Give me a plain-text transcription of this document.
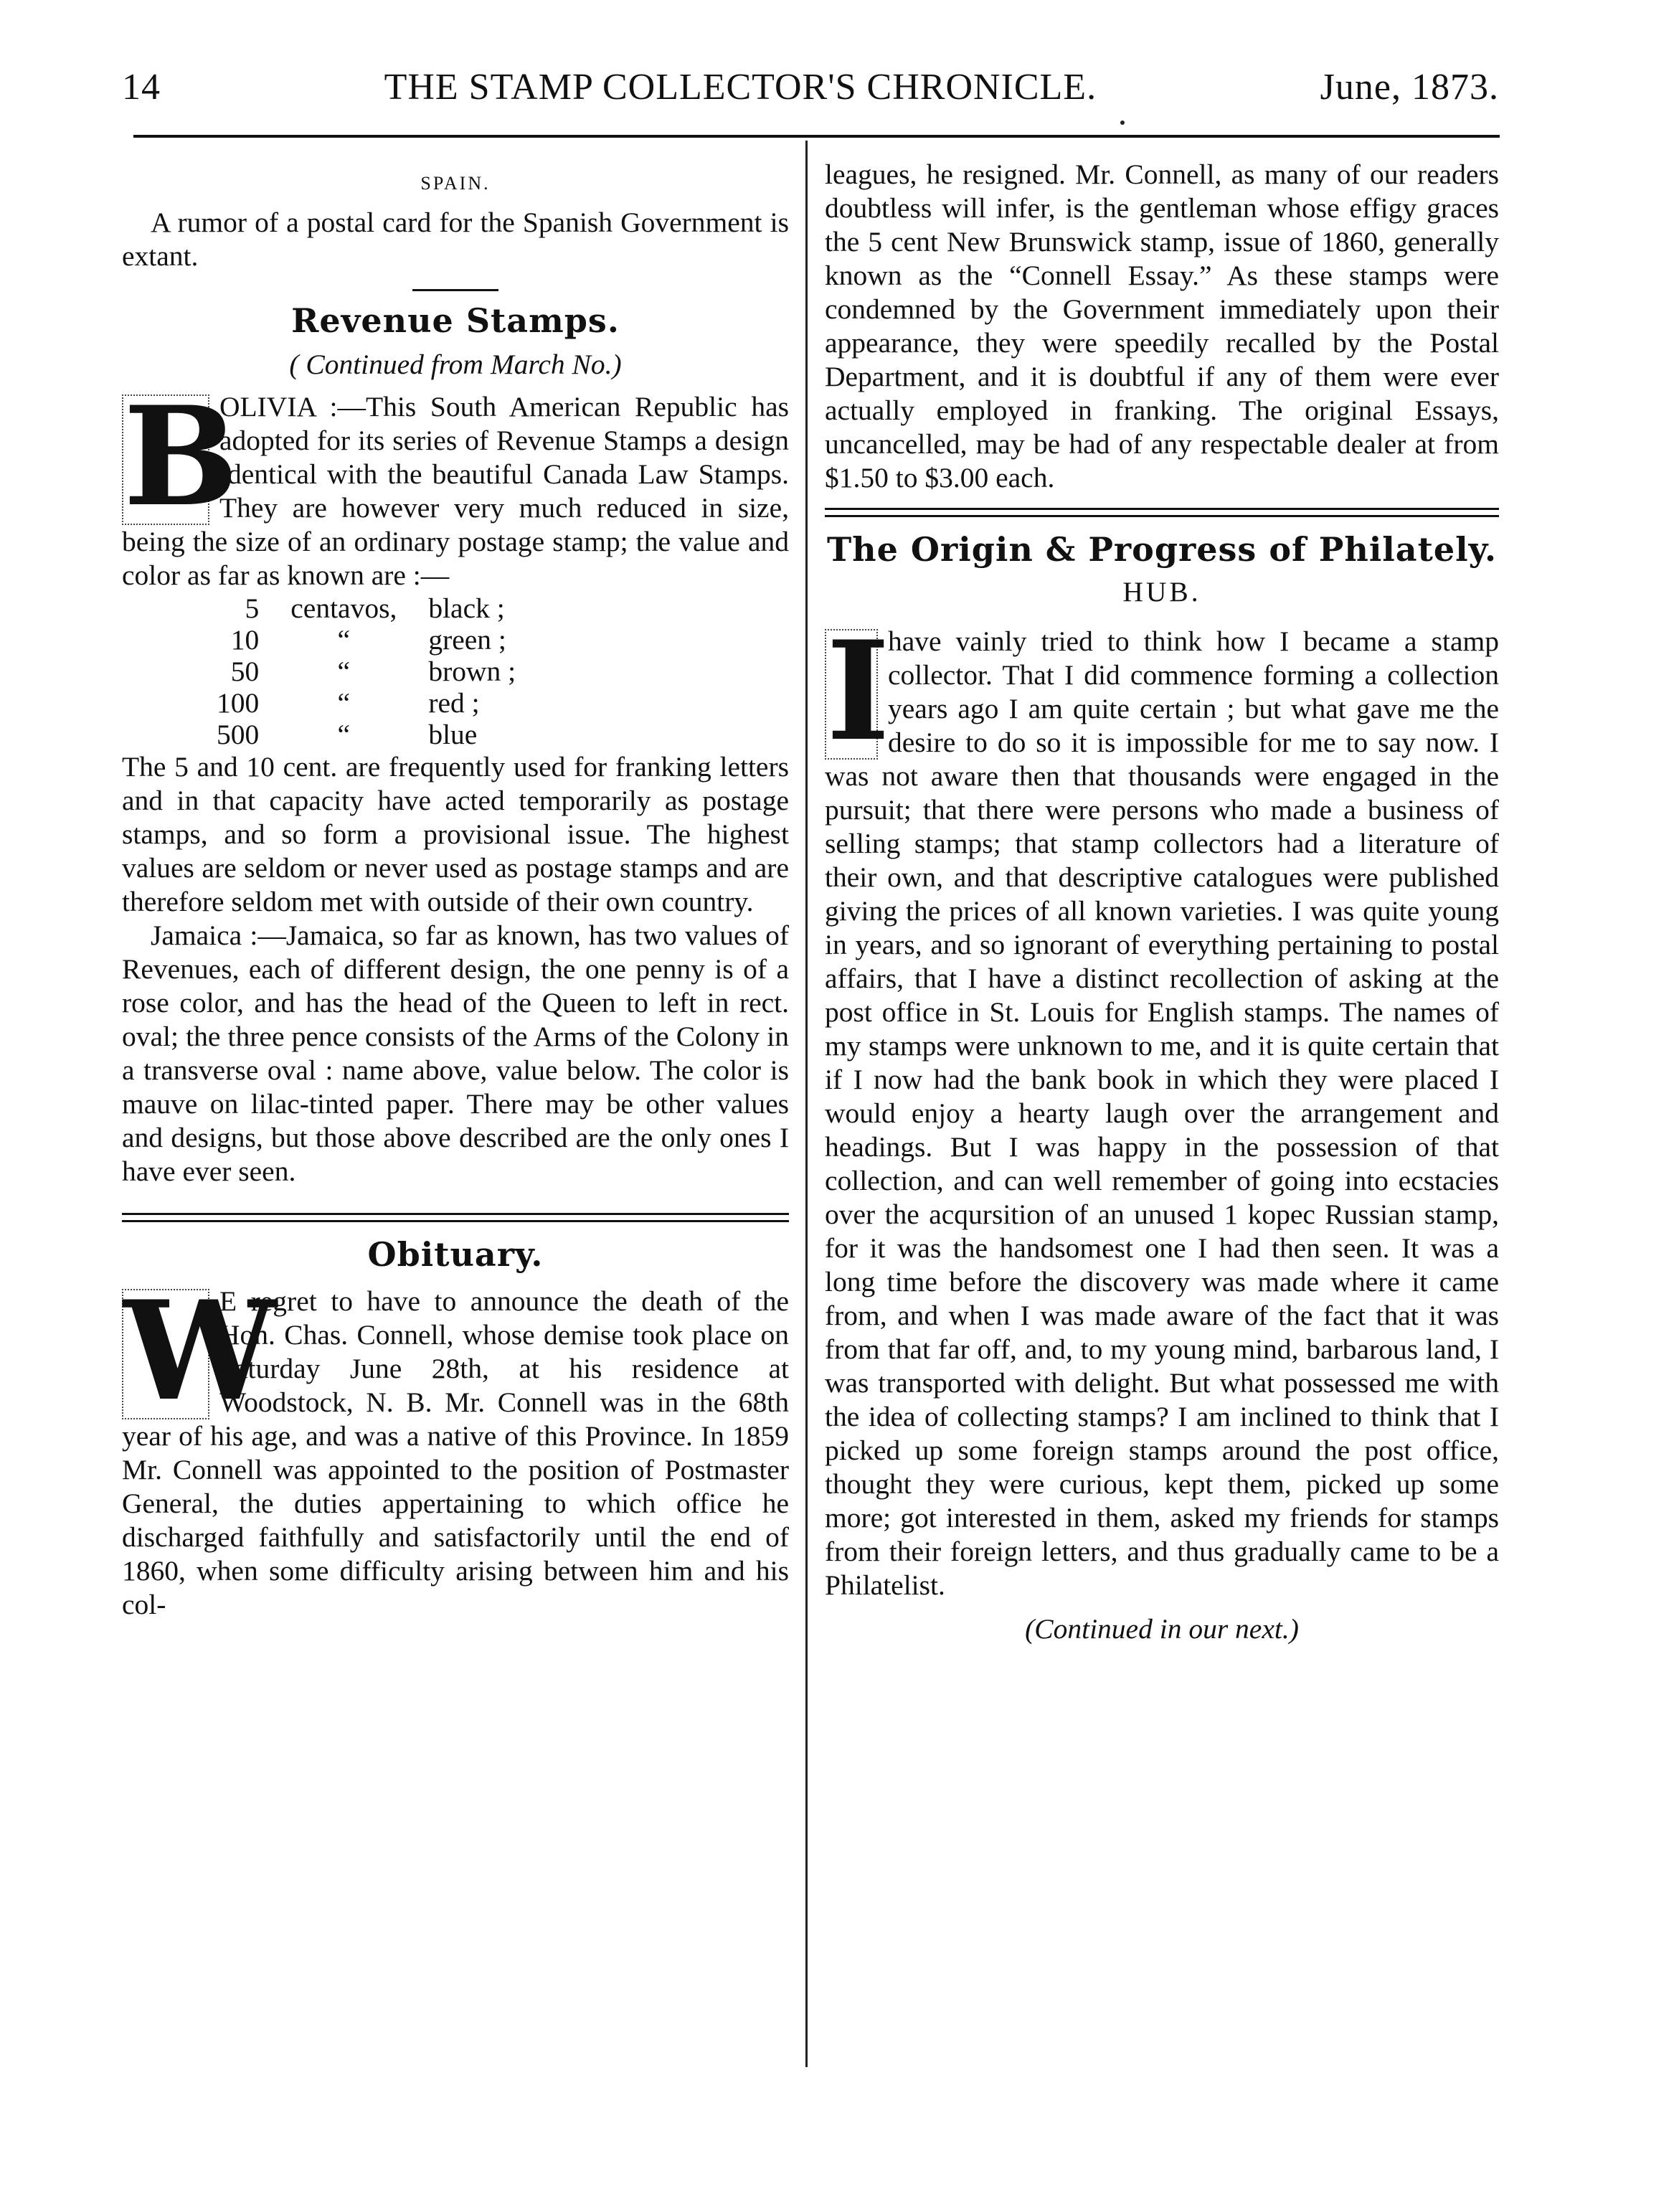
14	THE STAMP COLLECTOR'S CHRONICLE.	June, 1873.
SPAIN.

A rumor of a postal card for the Spanish Government is extant.

Revenue Stamps.
( Continued from March No.)
B

OLIVIA :—This South American Republic has adopted for its series of Revenue Stamps a design identical with the beautiful Canada Law Stamps. They are however very much reduced in size, being the size of an ordinary postage stamp; the value and color as far as known are :—

5	centavos,	black ;
10	“	green ;
50	“	brown ;
100	“	red ;
500	“	blue

The 5 and 10 cent. are frequently used for franking letters and in that capacity have acted temporarily as postage stamps, and so form a provisional issue. The highest values are seldom or never used as postage stamps and are therefore seldom met with outside of their own country.

Jamaica :—Jamaica, so far as known, has two values of Revenues, each of different design, the one penny is of a rose color, and has the head of the Queen to left in rect. oval; the three pence consists of the Arms of the Colony in a transverse oval : name above, value below. The color is mauve on lilac-tinted paper. There may be other values and designs, but those above described are the only ones I have ever seen.

Obituary.
W

E regret to have to announce the death of the Hon. Chas. Connell, whose demise took place on Saturday June 28th, at his residence at Woodstock, N. B. Mr. Connell was in the 68th year of his age, and was a native of this Province. In 1859 Mr. Connell was appointed to the position of Postmaster General, the duties appertaining to which office he discharged faithfully and satisfactorily until the end of 1860, when some difficulty arising between him and his col-

leagues, he resigned. Mr. Connell, as many of our readers doubtless will infer, is the gentleman whose effigy graces the 5 cent New Brunswick stamp, issue of 1860, generally known as the “Connell Essay.” As these stamps were condemned by the Government immediately upon their appearance, they were speedily recalled by the Postal Department, and it is doubtful if any of them were ever actually employed in franking. The original Essays, uncancelled, may be had of any respectable dealer at from $1.50 to $3.00 each.

The Origin & Progress of Philately.
HUB.
I

have vainly tried to think how I became a stamp collector. That I did commence forming a collection years ago I am quite certain ; but what gave me the desire to do so it is impossible for me to say now. I was not aware then that thousands were engaged in the pursuit; that there were persons who made a business of selling stamps; that stamp collectors had a literature of their own, and that descriptive catalogues were published giving the prices of all known varieties. I was quite young in years, and so ignorant of everything pertaining to postal affairs, that I have a distinct recollection of asking at the post office in St. Louis for English stamps. The names of my stamps were unknown to me, and it is quite certain that if I now had the bank book in which they were placed I would enjoy a hearty laugh over the arrangement and headings. But I was happy in the possession of that collection, and can well remember of going into ecstacies over the acqursition of an unused 1 kopec Russian stamp, for it was the handsomest one I had then seen. It was a long time before the discovery was made where it came from, and when I was made aware of the fact that it was from that far off, and, to my young mind, barbarous land, I was transported with delight. But what possessed me with the idea of collecting stamps? I am inclined to think that I picked up some foreign stamps around the post office, thought they were curious, kept them, picked up some more; got interested in them, asked my friends for stamps from their foreign letters, and thus gradually came to be a Philatelist.

(Continued in our next.)
